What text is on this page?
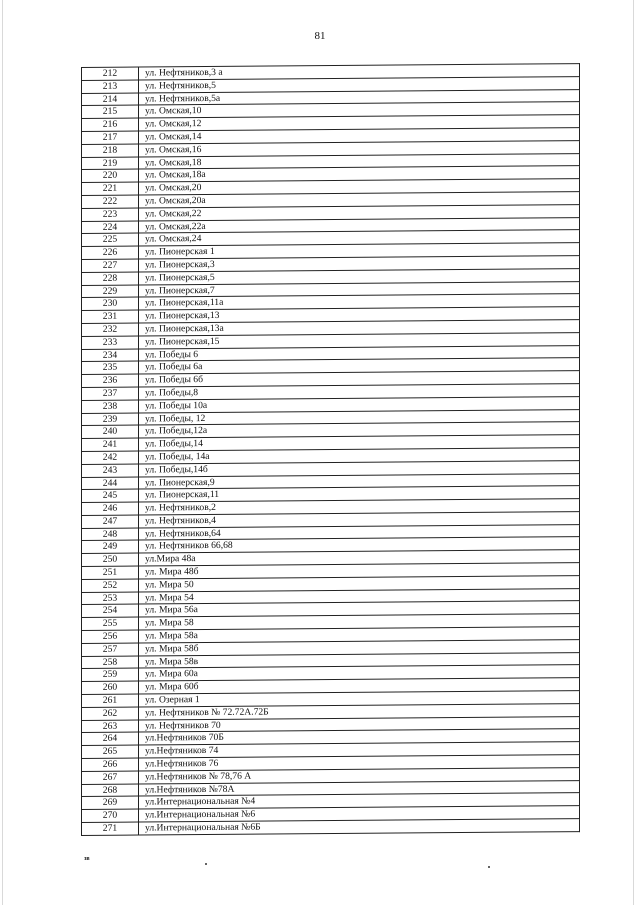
81
212	ул. Нефтяников,3 а
213	ул. Нефтяников,5
214	ул. Нефтяников,5а
215	ул. Омская,10
216	ул. Омская,12
217	ул. Омская,14
218	ул. Омская,16
219	ул. Омская,18
220	ул. Омская,18а
221	ул. Омская,20
222	ул. Омская,20а
223	ул. Омская,22
224	ул. Омская,22а
225	ул. Омская,24
226	ул. Пионерская 1
227	ул. Пионерская,3
228	ул. Пионерская,5
229	ул. Пионерская,7
230	ул. Пионерская,11а
231	ул. Пионерская,13
232	ул. Пионерская,13а
233	ул. Пионерская,15
234	ул. Победы 6
235	ул. Победы 6а
236	ул. Победы 6б
237	ул. Победы,8
238	ул. Победы 10а
239	ул. Победы, 12
240	ул. Победы,12а
241	ул. Победы,14
242	ул. Победы, 14а
243	ул. Победы,14б
244	ул. Пионерская,9
245	ул. Пионерская,11
246	ул. Нефтяников,2
247	ул. Нефтяников,4
248	ул. Нефтяников,64
249	ул. Нефтяников 66,68
250	ул.Мира 48а
251	ул. Мира 48б
252	ул. Мира 50
253	ул. Мира 54
254	ул. Мира 56а
255	ул. Мира 58
256	ул. Мира 58а
257	ул. Мира 58б
258	ул. Мира 58в
259	ул. Мира 60а
260	ул. Мира 60б
261	ул. Озерная 1
262	ул. Нефтяников № 72.72А.72Б
263	ул. Нефтяников 70
264	ул.Нефтяников 70Б
265	ул.Нефтяников 74
266	ул.Нефтяников 76
267	ул.Нефтяников № 78,76 А
268	ул.Нефтяников №78А
269	ул.Интернациональная №4
270	ул.Интернациональная №6
271	ул.Интернациональная №6Б
зв
